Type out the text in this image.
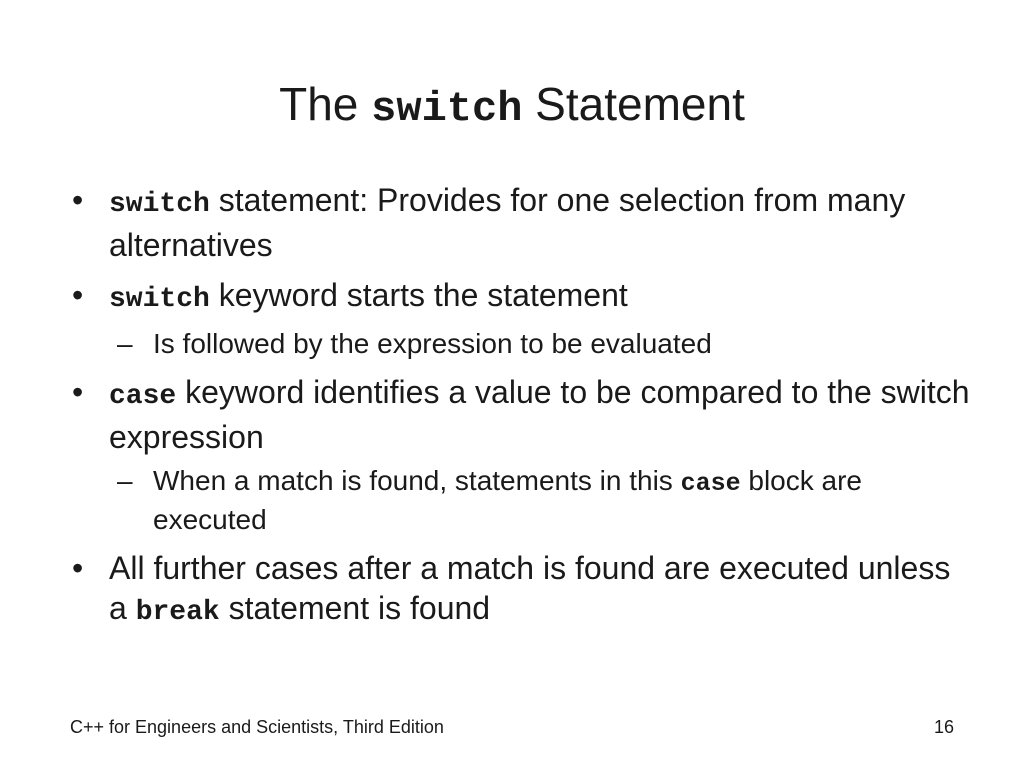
The switch Statement
• switch statement: Provides for one selection from many alternatives
• switch keyword starts the statement
– Is followed by the expression to be evaluated
• case keyword identifies a value to be compared to the switch expression
– When a match is found, statements in this case block are executed
• All further cases after a match is found are executed unless a break statement is found
C++ for Engineers and Scientists, Third Edition	16
